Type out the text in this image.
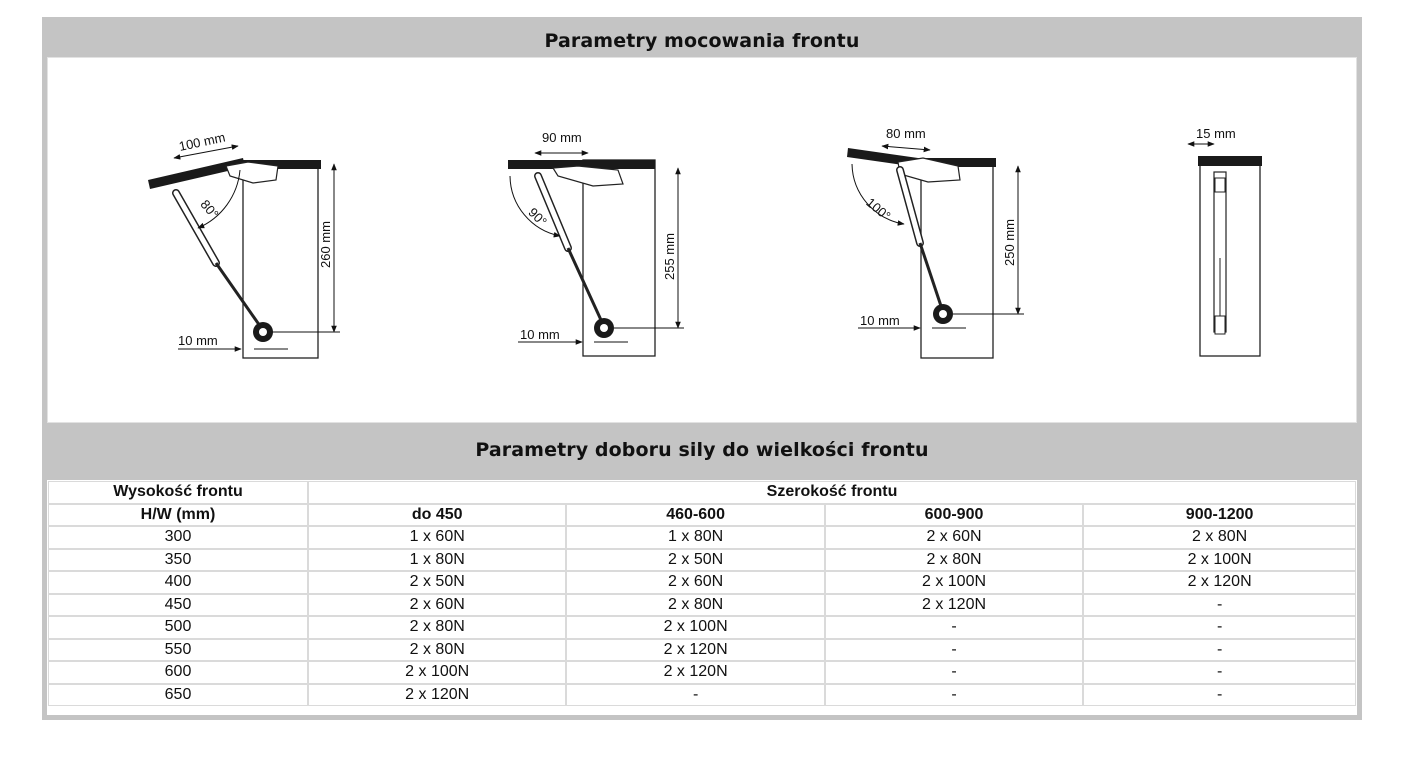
Parametry mocowania frontu
80°
100 mm
260 mm
10 mm
90°
90 mm
255 mm
10 mm
100°
80 mm
250 mm
10 mm
15 mm
Parametry doboru sily do wielkości frontu
Wysokość frontu	Szerokość frontu			
H/W (mm)	do 450	460-600	600-900	900-1200
300	1 x 60N	1 x 80N	2 x 60N	2 x 80N
350	1 x 80N	2 x 50N	2 x 80N	2 x 100N
400	2 x 50N	2 x 60N	2 x 100N	2 x 120N
450	2 x 60N	2 x 80N	2 x 120N	-
500	2 x 80N	2 x 100N	-	-
550	2 x 80N	2 x 120N	-	-
600	2 x 100N	2 x 120N	-	-
650	2 x 120N	-	-	-
